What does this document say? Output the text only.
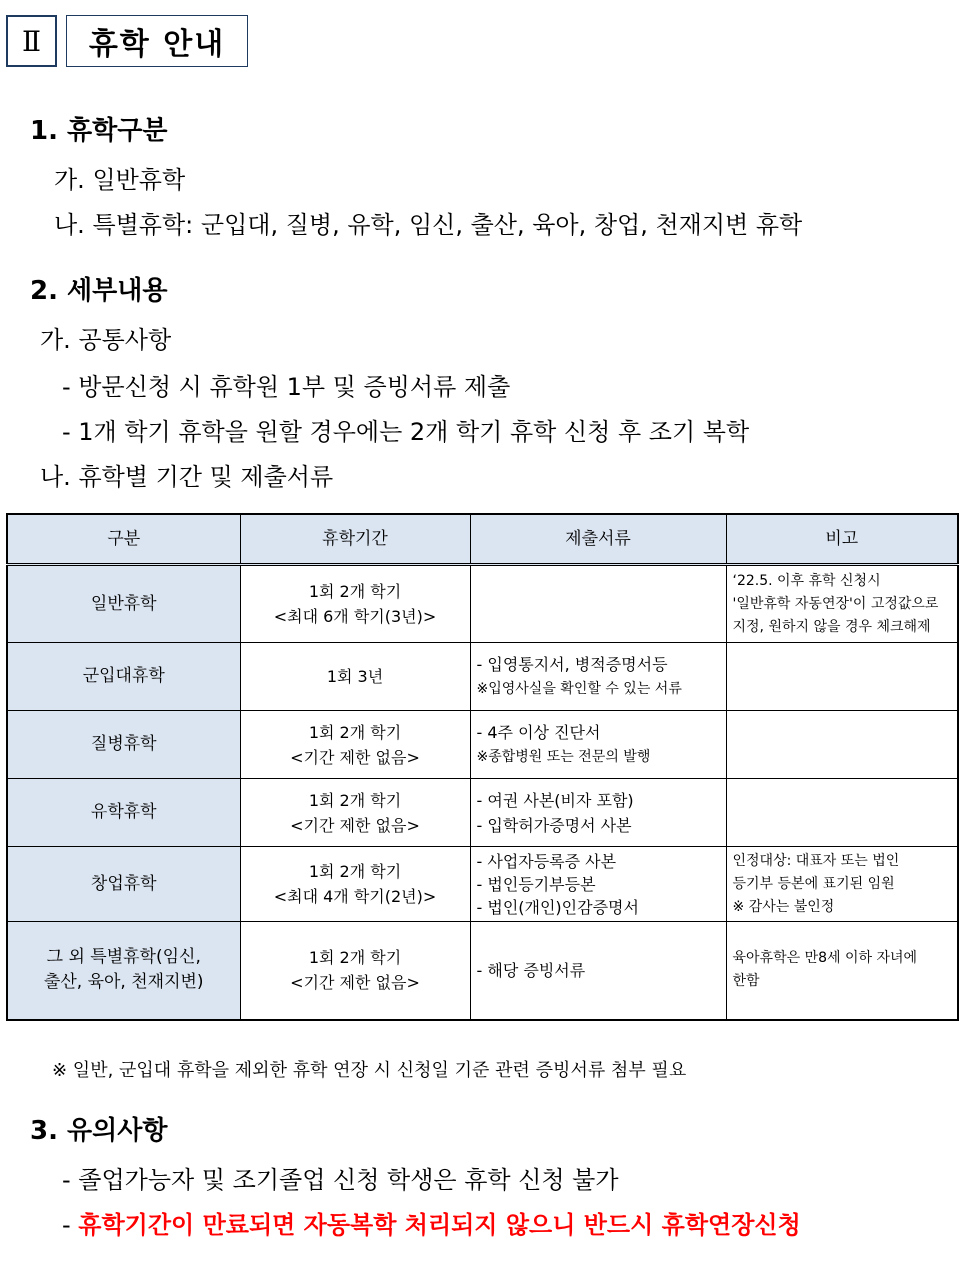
Ⅱ	휴학 안내
1. 휴학구분
가. 일반휴학
나. 특별휴학: 군입대, 질병, 유학, 임신, 출산, 육아, 창업, 천재지변 휴학
2. 세부내용
가. 공통사항
- 방문신청 시 휴학원 1부 및 증빙서류 제출
- 1개 학기 휴학을 원할 경우에는 2개 학기 휴학 신청 후 조기 복학
나. 휴학별 기간 및 제출서류
구분	휴학기간	제출서류	비고
일반휴학	1회 2개 학기
<최대 6개 학기(3년)>		‘22.5. 이후 휴학 신청시
'일반휴학 자동연장'이 고정값으로
지정, 원하지 않을 경우 체크해제

군입대휴학	1회 3년	- 입영통지서, 병적증명서등
※입영사실을 확인할 수 있는 서류	

질병휴학	1회 2개 학기
<기간 제한 없음>	- 4주 이상 진단서
※종합병원 또는 전문의 발행	

유학휴학	1회 2개 학기
<기간 제한 없음>	- 여권 사본(비자 포함)
- 입학허가증명서 사본	

창업휴학	1회 2개 학기
<최대 4개 학기(2년)>	- 사업자등록증 사본
- 법인등기부등본
- 법인(개인)인감증명서	인정대상: 대표자 또는 법인
등기부 등본에 표기된 임원
※ 감사는 불인정

그 외 특별휴학(임신,
출산, 육아, 천재지변)	1회 2개 학기
<기간 제한 없음>	- 해당 증빙서류	육아휴학은 만8세 이하 자녀에
한함
※ 일반, 군입대 휴학을 제외한 휴학 연장 시 신청일 기준 관련 증빙서류 첨부 필요
3. 유의사항
- 졸업가능자 및 조기졸업 신청 학생은 휴학 신청 불가
- 휴학기간이 만료되면 자동복학 처리되지 않으니 반드시 휴학연장신청
